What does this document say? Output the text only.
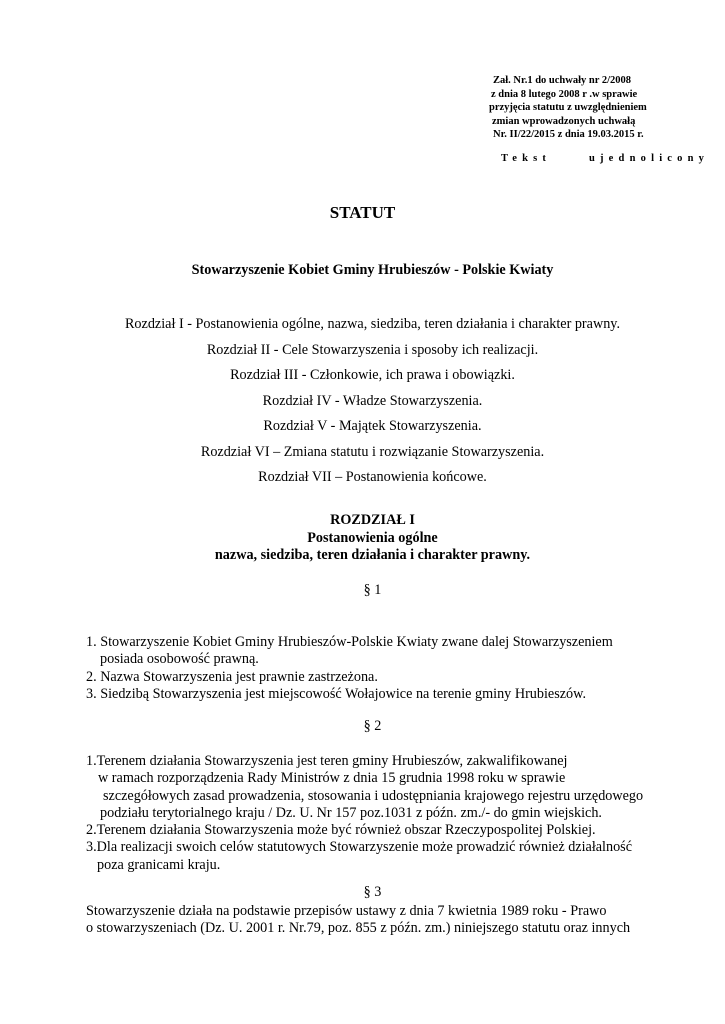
Zał. Nr.1 do uchwały nr 2/2008
z dnia 8 lutego 2008 r .w sprawie
przyjęcia statutu z uwzględnieniem
zmian wprowadzonych uchwałą
Nr. II/22/2015 z dnia 19.03.2015 r.
Tekst ujednolicony
STATUT
Stowarzyszenie Kobiet Gminy Hrubieszów - Polskie Kwiaty
Rozdział I - Postanowienia ogólne, nazwa, siedziba, teren działania i charakter prawny.
Rozdział II - Cele Stowarzyszenia i sposoby ich realizacji.
Rozdział III - Członkowie, ich prawa i obowiązki.
Rozdział IV - Władze Stowarzyszenia.
Rozdział V - Majątek Stowarzyszenia.
Rozdział VI – Zmiana statutu i rozwiązanie Stowarzyszenia.
Rozdział VII – Postanowienia końcowe.
ROZDZIAŁ I
Postanowienia ogólne
nazwa, siedziba, teren działania i charakter prawny.
§ 1
1. Stowarzyszenie Kobiet Gminy Hrubieszów-Polskie Kwiaty zwane dalej Stowarzyszeniem
posiada osobowość prawną.
2. Nazwa Stowarzyszenia jest prawnie zastrzeżona.
3. Siedzibą Stowarzyszenia jest miejscowość Wołajowice na terenie gminy Hrubieszów.
§ 2
1.Terenem działania Stowarzyszenia jest teren gminy Hrubieszów, zakwalifikowanej
w ramach rozporządzenia Rady Ministrów z dnia 15 grudnia 1998 roku w sprawie
szczegółowych zasad prowadzenia, stosowania i udostępniania krajowego rejestru urzędowego
podziału terytorialnego kraju / Dz. U. Nr 157 poz.1031 z późn. zm./- do gmin wiejskich.
2.Terenem działania Stowarzyszenia może być również obszar Rzeczypospolitej Polskiej.
3.Dla realizacji swoich celów statutowych Stowarzyszenie może prowadzić również działalność
poza granicami kraju.
§ 3
Stowarzyszenie działa na podstawie przepisów ustawy z dnia 7 kwietnia 1989 roku - Prawo
o stowarzyszeniach (Dz. U. 2001 r. Nr.79, poz. 855 z późn. zm.) niniejszego statutu oraz innych
